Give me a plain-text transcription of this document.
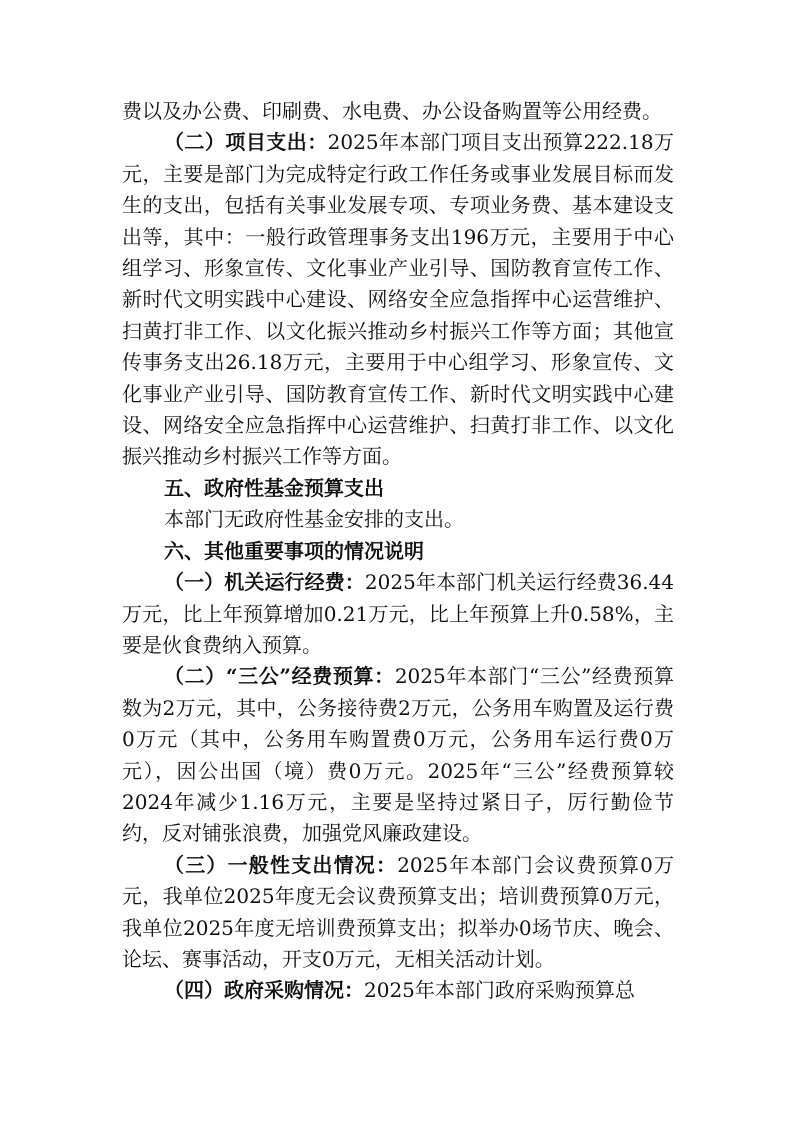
费以及办公费、印刷费、水电费、办公设备购置等公用经费。

（二）项目支出：2025年本部门项目支出预算222.18万元，主要是部门为完成特定行政工作任务或事业发展目标而发生的支出，包括有关事业发展专项、专项业务费、基本建设支出等，其中：一般行政管理事务支出196万元，主要用于中心组学习、形象宣传、文化事业产业引导、国防教育宣传工作、新时代文明实践中心建设、网络安全应急指挥中心运营维护、扫黄打非工作、以文化振兴推动乡村振兴工作等方面；其他宣传事务支出26.18万元，主要用于中心组学习、形象宣传、文化事业产业引导、国防教育宣传工作、新时代文明实践中心建设、网络安全应急指挥中心运营维护、扫黄打非工作、以文化振兴推动乡村振兴工作等方面。

五、政府性基金预算支出

本部门无政府性基金安排的支出。

六、其他重要事项的情况说明

（一）机关运行经费：2025年本部门机关运行经费36.44万元，比上年预算增加0.21万元，比上年预算上升0.58%，主要是伙食费纳入预算。

（二）“三公”经费预算：2025年本部门“三公”经费预算数为2万元，其中，公务接待费2万元，公务用车购置及运行费0万元（其中，公务用车购置费0万元，公务用车运行费0万元），因公出国（境）费0万元。2025年“三公”经费预算较2024年减少1.16万元，主要是坚持过紧日子，厉行勤俭节约，反对铺张浪费，加强党风廉政建设。

（三）一般性支出情况：2025年本部门会议费预算0万元，我单位2025年度无会议费预算支出；培训费预算0万元，我单位2025年度无培训费预算支出；拟举办0场节庆、晚会、论坛、赛事活动，开支0万元，无相关活动计划。

（四）政府采购情况：2025年本部门政府采购预算总
